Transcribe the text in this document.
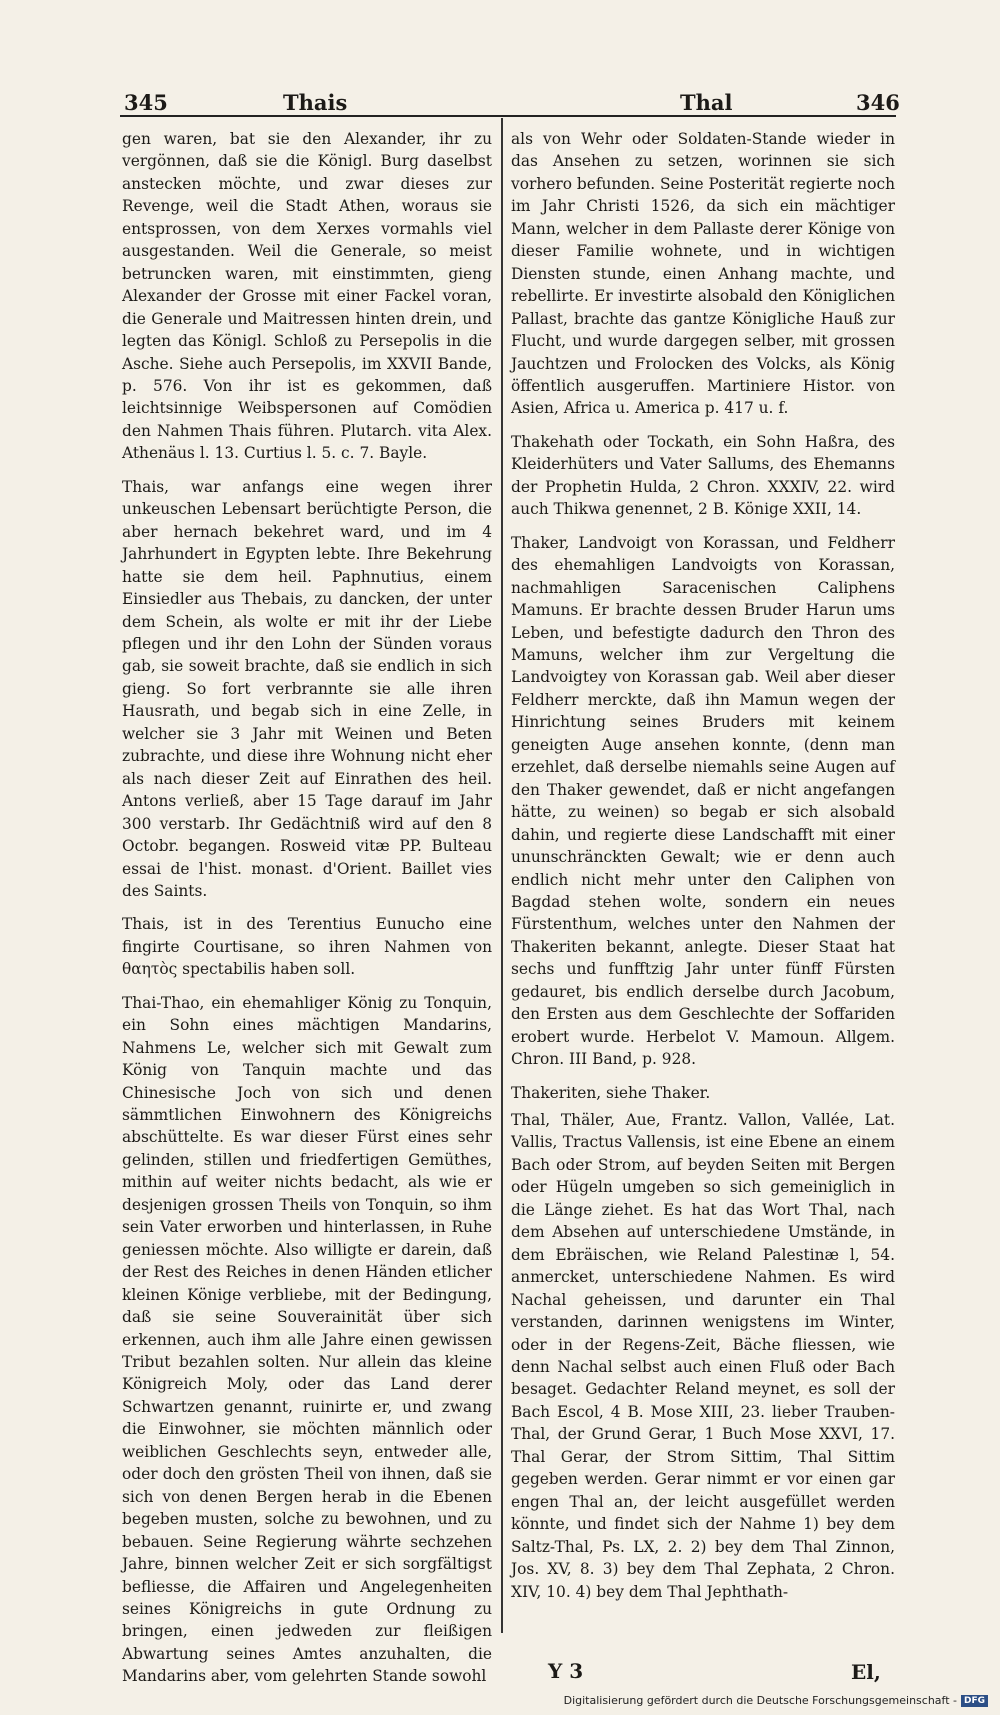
345	Thais	Thal	346

gen waren, bat sie den Alexander, ihr zu vergönnen, daß sie die Königl. Burg daselbst anstecken möchte, und zwar dieses zur Revenge, weil die Stadt Athen, woraus sie entsprossen, von dem Xerxes vormahls viel ausgestanden. Weil die Generale, so meist betruncken waren, mit einstimmten, gieng Alexander der Grosse mit einer Fackel voran, die Generale und Maitressen hinten drein, und legten das Königl. Schloß zu Persepolis in die Asche. Siehe auch Persepolis, im XXVII Bande, p. 576. Von ihr ist es gekommen, daß leichtsinnige Weibspersonen auf Comödien den Nahmen Thais führen. Plutarch. vita Alex. Athenäus l. 13. Curtius l. 5. c. 7. Bayle.

Thais, war anfangs eine wegen ihrer unkeuschen Lebensart berüchtigte Person, die aber hernach bekehret ward, und im 4 Jahrhundert in Egypten lebte. Ihre Bekehrung hatte sie dem heil. Paphnutius, einem Einsiedler aus Thebais, zu dancken, der unter dem Schein, als wolte er mit ihr der Liebe pflegen und ihr den Lohn der Sünden voraus gab, sie soweit brachte, daß sie endlich in sich gieng. So fort verbrannte sie alle ihren Hausrath, und begab sich in eine Zelle, in welcher sie 3 Jahr mit Weinen und Beten zubrachte, und diese ihre Wohnung nicht eher als nach dieser Zeit auf Einrathen des heil. Antons verließ, aber 15 Tage darauf im Jahr 300 verstarb. Ihr Gedächtniß wird auf den 8 Octobr. begangen. Rosweid vitæ PP. Bulteau essai de l'hist. monast. d'Orient. Baillet vies des Saints.

Thais, ist in des Terentius Eunucho eine fingirte Courtisane, so ihren Nahmen von θαητὸς spectabilis haben soll.

Thai-Thao, ein ehemahliger König zu Tonquin, ein Sohn eines mächtigen Mandarins, Nahmens Le, welcher sich mit Gewalt zum König von Tanquin machte und das Chinesische Joch von sich und denen sämmtlichen Einwohnern des Königreichs abschüttelte. Es war dieser Fürst eines sehr gelinden, stillen und friedfertigen Gemüthes, mithin auf weiter nichts bedacht, als wie er desjenigen grossen Theils von Tonquin, so ihm sein Vater erworben und hinterlassen, in Ruhe geniessen möchte. Also willigte er darein, daß der Rest des Reiches in denen Händen etlicher kleinen Könige verbliebe, mit der Bedingung, daß sie seine Souverainität über sich erkennen, auch ihm alle Jahre einen gewissen Tribut bezahlen solten. Nur allein das kleine Königreich Moly, oder das Land derer Schwartzen genannt, ruinirte er, und zwang die Einwohner, sie möchten männlich oder weiblichen Geschlechts seyn, entweder alle, oder doch den grösten Theil von ihnen, daß sie sich von denen Bergen herab in die Ebenen begeben musten, solche zu bewohnen, und zu bebauen. Seine Regierung währte sechzehen Jahre, binnen welcher Zeit er sich sorgfältigst befliesse, die Affairen und Angelegenheiten seines Königreichs in gute Ordnung zu bringen, einen jedweden zur fleißigen Abwartung seines Amtes anzuhalten, die Mandarins aber, vom gelehrten Stande sowohl

als von Wehr oder Soldaten-Stande wieder in das Ansehen zu setzen, worinnen sie sich vorhero befunden. Seine Posterität regierte noch im Jahr Christi 1526, da sich ein mächtiger Mann, welcher in dem Pallaste derer Könige von dieser Familie wohnete, und in wichtigen Diensten stunde, einen Anhang machte, und rebellirte. Er investirte alsobald den Königlichen Pallast, brachte das gantze Königliche Hauß zur Flucht, und wurde dargegen selber, mit grossen Jauchtzen und Frolocken des Volcks, als König öffentlich ausgeruffen. Martiniere Histor. von Asien, Africa u. America p. 417 u. f.

Thakehath oder Tockath, ein Sohn Haßra, des Kleiderhüters und Vater Sallums, des Ehemanns der Prophetin Hulda, 2 Chron. XXXIV, 22. wird auch Thikwa genennet, 2 B. Könige XXII, 14.

Thaker, Landvoigt von Korassan, und Feldherr des ehemahligen Landvoigts von Korassan, nachmahligen Saracenischen Caliphens Mamuns. Er brachte dessen Bruder Harun ums Leben, und befestigte dadurch den Thron des Mamuns, welcher ihm zur Vergeltung die Landvoigtey von Korassan gab. Weil aber dieser Feldherr merckte, daß ihn Mamun wegen der Hinrichtung seines Bruders mit keinem geneigten Auge ansehen konnte, (denn man erzehlet, daß derselbe niemahls seine Augen auf den Thaker gewendet, daß er nicht angefangen hätte, zu weinen) so begab er sich alsobald dahin, und regierte diese Landschafft mit einer ununschränckten Gewalt; wie er denn auch endlich nicht mehr unter den Caliphen von Bagdad stehen wolte, sondern ein neues Fürstenthum, welches unter den Nahmen der Thakeriten bekannt, anlegte. Dieser Staat hat sechs und funfftzig Jahr unter fünff Fürsten gedauret, bis endlich derselbe durch Jacobum, den Ersten aus dem Geschlechte der Soffariden erobert wurde. Herbelot V. Mamoun. Allgem. Chron. III Band, p. 928.

Thakeriten, siehe Thaker.

Thal, Thäler, Aue, Frantz. Vallon, Vallée, Lat. Vallis, Tractus Vallensis, ist eine Ebene an einem Bach oder Strom, auf beyden Seiten mit Bergen oder Hügeln umgeben so sich gemeiniglich in die Länge ziehet. Es hat das Wort Thal, nach dem Absehen auf unterschiedene Umstände, in dem Ebräischen, wie Reland Palestinæ l, 54. anmercket, unterschiedene Nahmen. Es wird Nachal geheissen, und darunter ein Thal verstanden, darinnen wenigstens im Winter, oder in der Regens-Zeit, Bäche fliessen, wie denn Nachal selbst auch einen Fluß oder Bach besaget. Gedachter Reland meynet, es soll der Bach Escol, 4 B. Mose XIII, 23. lieber Trauben-Thal, der Grund Gerar, 1 Buch Mose XXVI, 17. Thal Gerar, der Strom Sittim, Thal Sittim gegeben werden. Gerar nimmt er vor einen gar engen Thal an, der leicht ausgefüllet werden könnte, und findet sich der Nahme 1) bey dem Saltz-Thal, Ps. LX, 2. 2) bey dem Thal Zinnon, Jos. XV, 8. 3) bey dem Thal Zephata, 2 Chron. XIV, 10. 4) bey dem Thal Jephthath-

Y 3	El,
Digitalisierung gefördert durch die Deutsche Forschungsgemeinschaft - DFG
